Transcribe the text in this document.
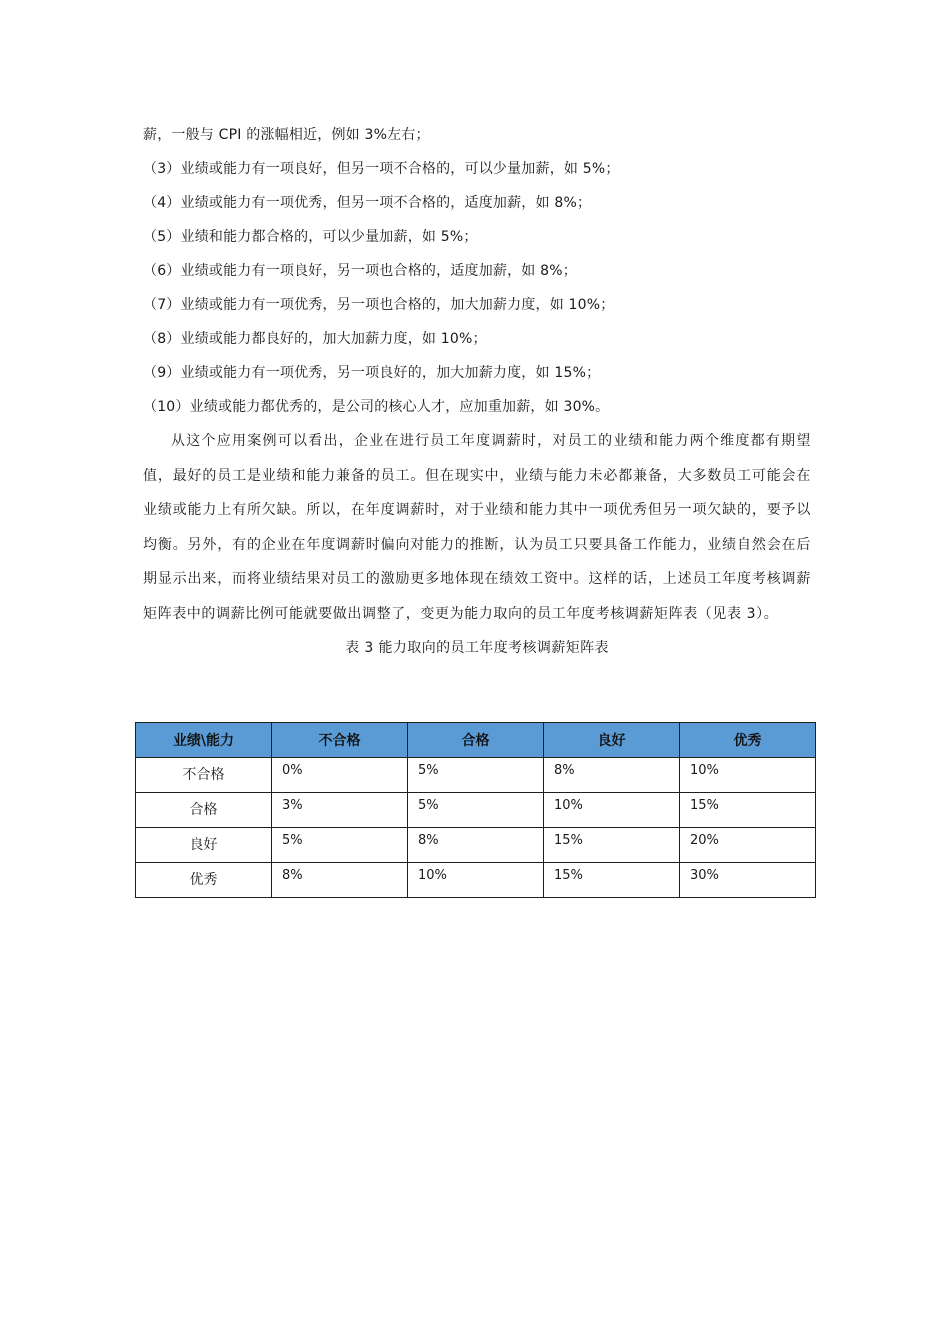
薪，一般与 CPI 的涨幅相近，例如 3%左右；
（3）业绩或能力有一项良好，但另一项不合格的，可以少量加薪，如 5%；
（4）业绩或能力有一项优秀，但另一项不合格的，适度加薪，如 8%；
（5）业绩和能力都合格的，可以少量加薪，如 5%；
（6）业绩或能力有一项良好，另一项也合格的，适度加薪，如 8%；
（7）业绩或能力有一项优秀，另一项也合格的，加大加薪力度，如 10%；
（8）业绩或能力都良好的，加大加薪力度，如 10%；
（9）业绩或能力有一项优秀，另一项良好的，加大加薪力度，如 15%；
（10）业绩或能力都优秀的，是公司的核心人才，应加重加薪，如 30%。

从这个应用案例可以看出，企业在进行员工年度调薪时，对员工的业绩和能力两个维度都有期望值，最好的员工是业绩和能力兼备的员工。但在现实中，业绩与能力未必都兼备，大多数员工可能会在业绩或能力上有所欠缺。所以，在年度调薪时，对于业绩和能力其中一项优秀但另一项欠缺的，要予以均衡。另外，有的企业在年度调薪时偏向对能力的推断，认为员工只要具备工作能力，业绩自然会在后期显示出来，而将业绩结果对员工的激励更多地体现在绩效工资中。这样的话，上述员工年度考核调薪矩阵表中的调薪比例可能就要做出调整了，变更为能力取向的员工年度考核调薪矩阵表（见表 3）。

表 3 能力取向的员工年度考核调薪矩阵表
业绩\能力	不合格	合格	良好	优秀
不合格	0%	5%	8%	10%
合格	3%	5%	10%	15%
良好	5%	8%	15%	20%
优秀	8%	10%	15%	30%
